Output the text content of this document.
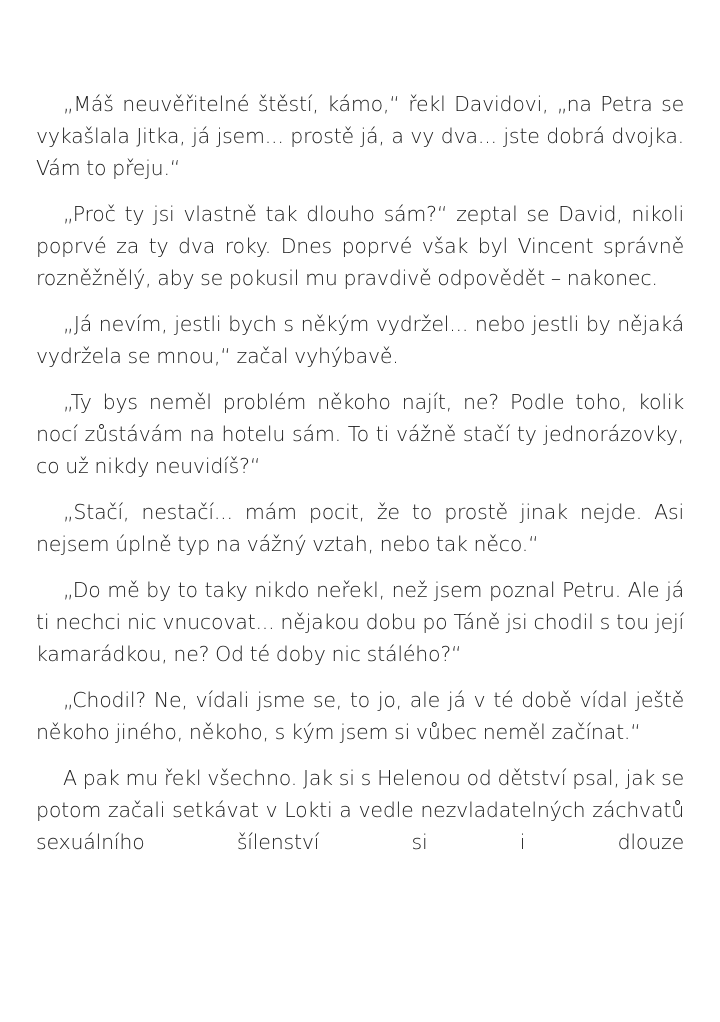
„Máš neuvěřitelné štěstí, kámo,“ řekl Davidovi, „na Petra se vykašlala Jitka, já jsem... prostě já, a vy dva... jste dobrá dvojka. Vám to přeju.“

„Proč ty jsi vlastně tak dlouho sám?“ zeptal se David, nikoli poprvé za ty dva roky. Dnes poprvé však byl Vincent správně rozněžnělý, aby se pokusil mu pravdivě odpovědět – nakonec.

„Já nevím, jestli bych s někým vydržel... nebo jestli by nějaká vydržela se mnou,“ začal vyhýbavě.

„Ty bys neměl problém někoho najít, ne? Podle toho, kolik nocí zůstávám na hotelu sám. To ti vážně stačí ty jednorázovky, co už nikdy neuvidíš?“

„Stačí, nestačí... mám pocit, že to prostě jinak nejde. Asi nejsem úplně typ na vážný vztah, nebo tak něco.“

„Do mě by to taky nikdo neřekl, než jsem poznal Petru. Ale já ti nechci nic vnucovat... nějakou dobu po Táně jsi chodil s tou její kamarádkou, ne? Od té doby nic stálého?“

„Chodil? Ne, vídali jsme se, to jo, ale já v té době vídal ještě někoho jiného, někoho, s kým jsem si vůbec neměl začínat.“

A pak mu řekl všechno. Jak si s Helenou od dětství psal, jak se potom začali setkávat v Lokti a vedle nezvladatelných záchvatů sexuálního šílenství si i dlouze
